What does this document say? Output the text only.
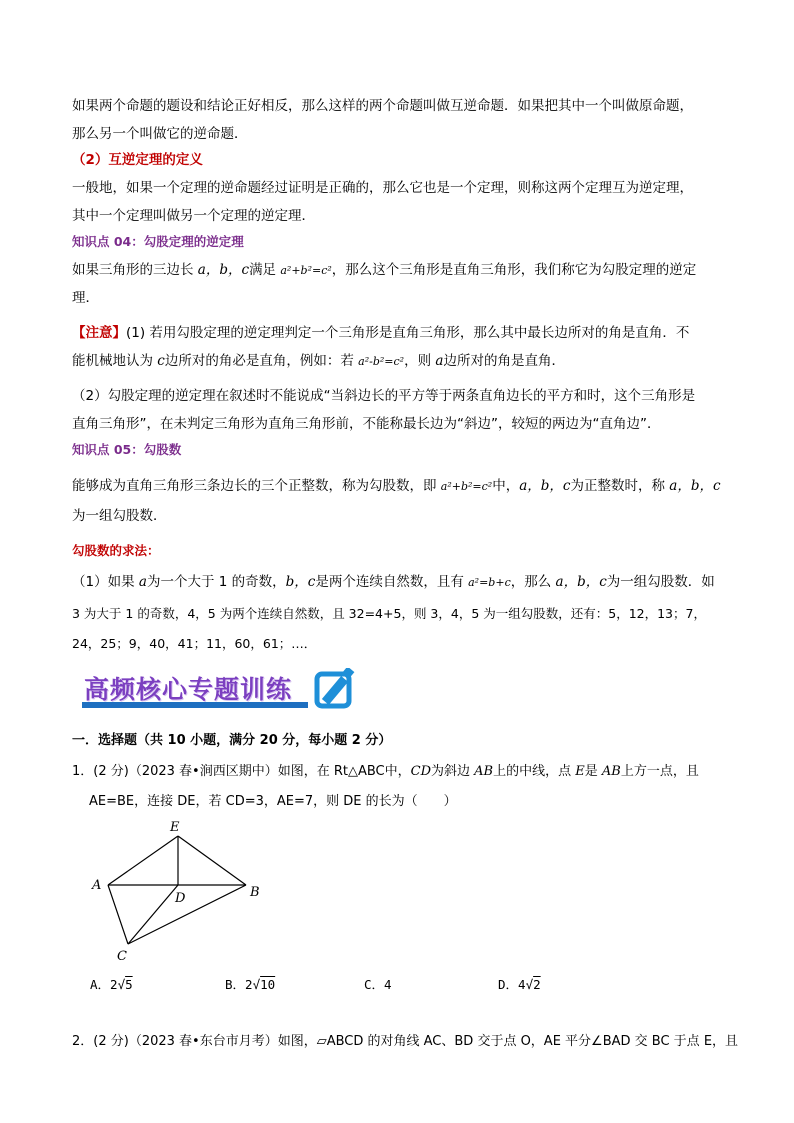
如果两个命题的题设和结论正好相反，那么这样的两个命题叫做互逆命题．如果把其中一个叫做原命题，
那么另一个叫做它的逆命题．
（2）互逆定理的定义
一般地，如果一个定理的逆命题经过证明是正确的，那么它也是一个定理，则称这两个定理互为逆定理，
其中一个定理叫做另一个定理的逆定理．
知识点 04：勾股定理的逆定理
如果三角形的三边长 a，b，c满足 a²+b²=c²，那么这个三角形是直角三角形，我们称它为勾股定理的逆定
理．
【注意】(1) 若用勾股定理的逆定理判定一个三角形是直角三角形，那么其中最长边所对的角是直角．不
能机械地认为 c边所对的角必是直角，例如：若 a²-b²=c²，则 a边所对的角是直角．
（2）勾股定理的逆定理在叙述时不能说成“当斜边长的平方等于两条直角边长的平方和时，这个三角形是
直角三角形”，在未判定三角形为直角三角形前，不能称最长边为“斜边”，较短的两边为“直角边”．
知识点 05：勾股数
能够成为直角三角形三条边长的三个正整数，称为勾股数，即 a²+b²=c²中，a，b，c为正整数时，称 a，b，c
为一组勾股数．
勾股数的求法：
（1）如果 a为一个大于 1 的奇数，b，c是两个连续自然数，且有 a²=b+c，那么 a，b，c为一组勾股数．如
3 为大于 1 的奇数，4，5 为两个连续自然数，且 32=4+5，则 3，4，5 为一组勾股数，还有：5，12，13；7，
24，25；9，40，41；11，60，61；…．
高频核心专题训练
一．选择题（共 10 小题，满分 20 分，每小题 2 分）
1．(2 分)（2023 春•涧西区期中）如图，在 Rt△ABC中，CD为斜边 AB上的中线，点 E是 AB上方一点，且
AE=BE，连接 DE，若 CD=3，AE=7，则 DE 的长为（　　）
E
A	B
D
C
A．2√5	B．2√10	C．4	D．4√2
2．(2 分)（2023 春•东台市月考）如图，▱ABCD 的对角线 AC、BD 交于点 O，AE 平分∠BAD 交 BC 于点 E，且
